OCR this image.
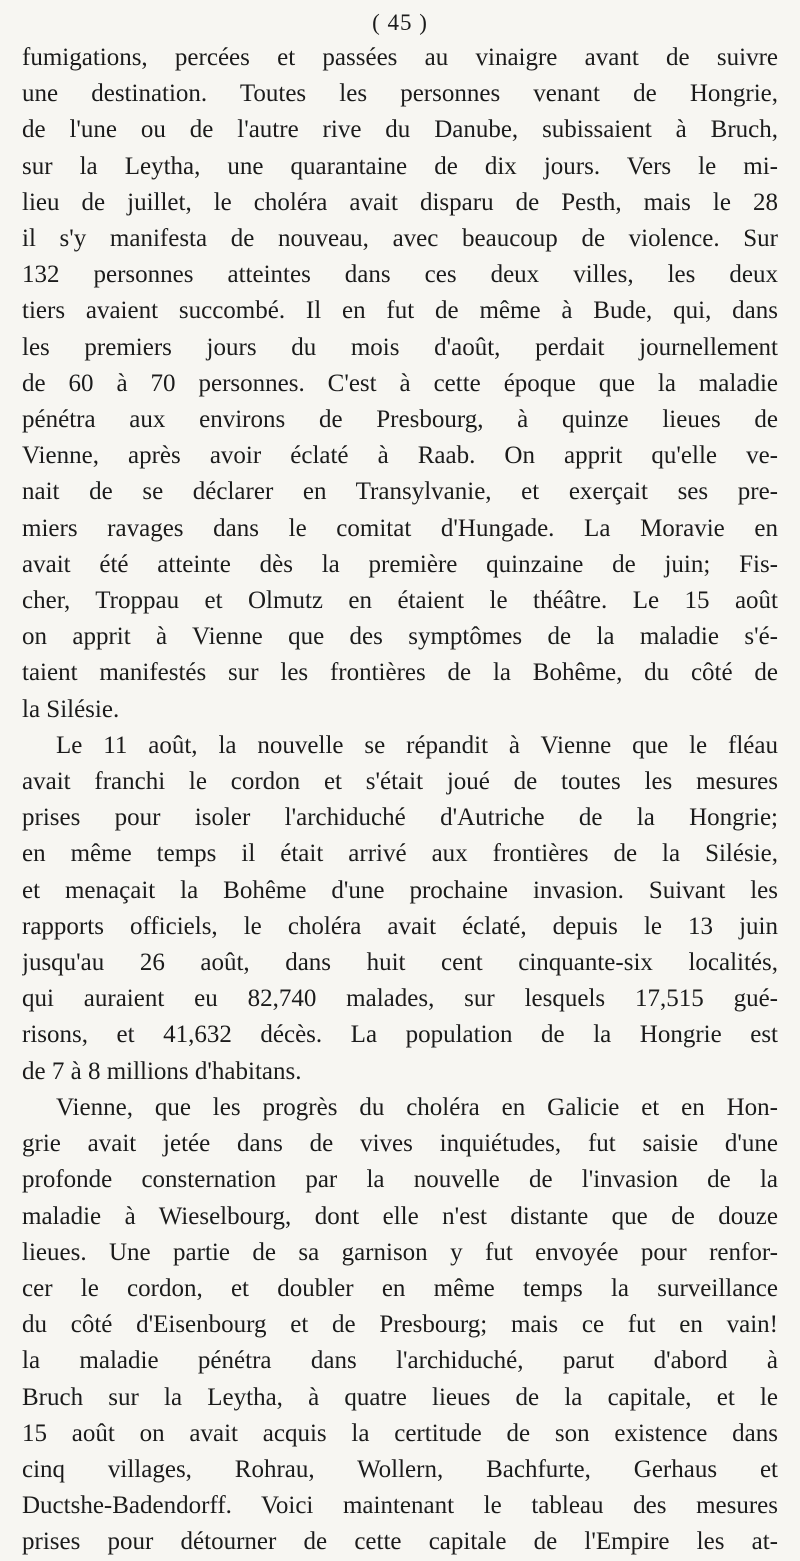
( 45 )
fumigations, percées et passées au vinaigre avant de suivre
une destination. Toutes les personnes venant de Hongrie,
de l'une ou de l'autre rive du Danube, subissaient à Bruch,
sur la Leytha, une quarantaine de dix jours. Vers le mi-
lieu de juillet, le choléra avait disparu de Pesth, mais le 28
il s'y manifesta de nouveau, avec beaucoup de violence. Sur
132 personnes atteintes dans ces deux villes, les deux
tiers avaient succombé. Il en fut de même à Bude, qui, dans
les premiers jours du mois d'août, perdait journellement
de 60 à 70 personnes. C'est à cette époque que la maladie
pénétra aux environs de Presbourg, à quinze lieues de
Vienne, après avoir éclaté à Raab. On apprit qu'elle ve-
nait de se déclarer en Transylvanie, et exerçait ses pre-
miers ravages dans le comitat d'Hungade. La Moravie en
avait été atteinte dès la première quinzaine de juin; Fis-
cher, Troppau et Olmutz en étaient le théâtre. Le 15 août
on apprit à Vienne que des symptômes de la maladie s'é-
taient manifestés sur les frontières de la Bohême, du côté de
la Silésie.
Le 11 août, la nouvelle se répandit à Vienne que le fléau
avait franchi le cordon et s'était joué de toutes les mesures
prises pour isoler l'archiduché d'Autriche de la Hongrie;
en même temps il était arrivé aux frontières de la Silésie,
et menaçait la Bohême d'une prochaine invasion. Suivant les
rapports officiels, le choléra avait éclaté, depuis le 13 juin
jusqu'au 26 août, dans huit cent cinquante-six localités,
qui auraient eu 82,740 malades, sur lesquels 17,515 gué-
risons, et 41,632 décès. La population de la Hongrie est
de 7 à 8 millions d'habitans.
Vienne, que les progrès du choléra en Galicie et en Hon-
grie avait jetée dans de vives inquiétudes, fut saisie d'une
profonde consternation par la nouvelle de l'invasion de la
maladie à Wieselbourg, dont elle n'est distante que de douze
lieues. Une partie de sa garnison y fut envoyée pour renfor-
cer le cordon, et doubler en même temps la surveillance
du côté d'Eisenbourg et de Presbourg; mais ce fut en vain!
la maladie pénétra dans l'archiduché, parut d'abord à
Bruch sur la Leytha, à quatre lieues de la capitale, et le
15 août on avait acquis la certitude de son existence dans
cinq villages, Rohrau, Wollern, Bachfurte, Gerhaus et
Ductshe-Badendorff. Voici maintenant le tableau des mesures
prises pour détourner de cette capitale de l'Empire les at-
